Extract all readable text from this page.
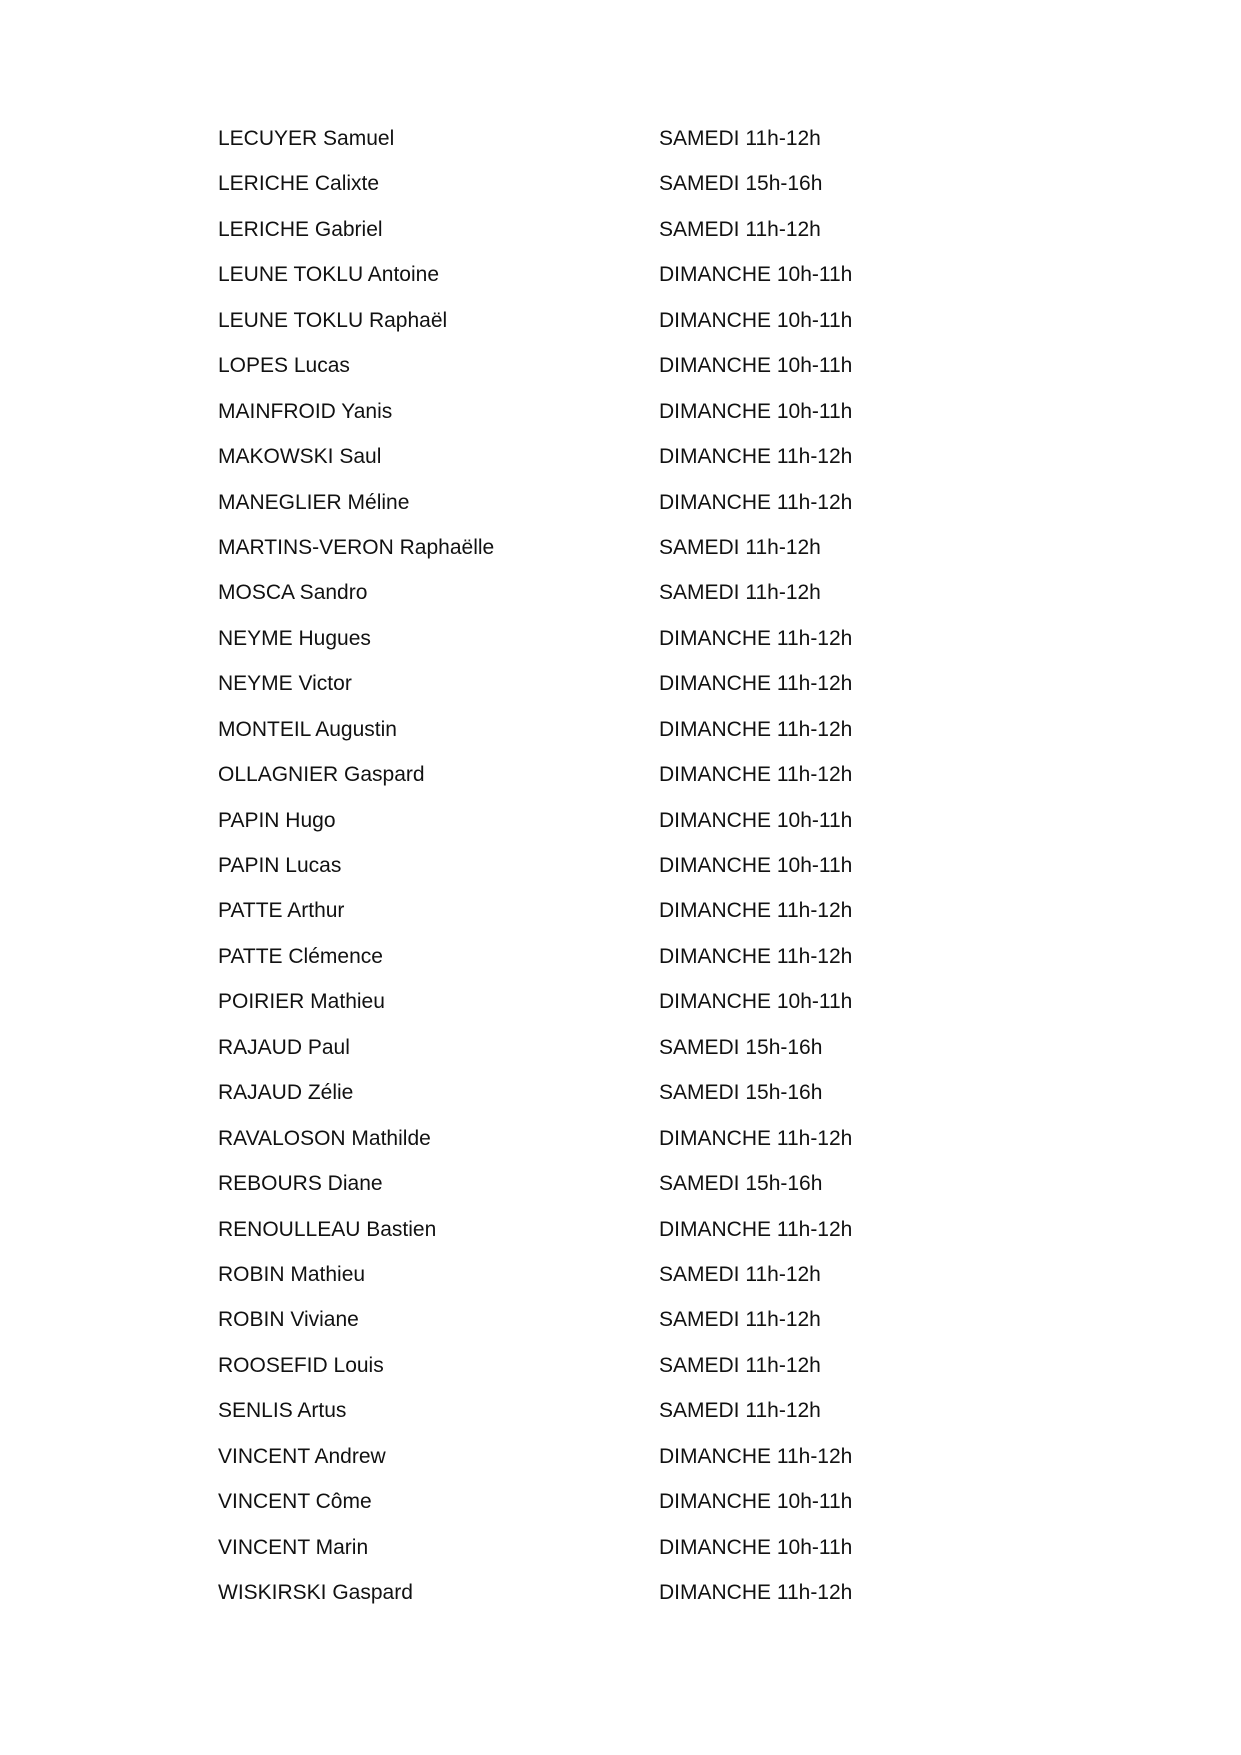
LECUYER Samuel	SAMEDI 11h-12h
LERICHE Calixte	SAMEDI 15h-16h
LERICHE Gabriel	SAMEDI 11h-12h
LEUNE TOKLU Antoine	DIMANCHE 10h-11h
LEUNE TOKLU Raphaël	DIMANCHE 10h-11h
LOPES Lucas	DIMANCHE 10h-11h
MAINFROID Yanis	DIMANCHE 10h-11h
MAKOWSKI Saul	DIMANCHE 11h-12h
MANEGLIER Méline	DIMANCHE 11h-12h
MARTINS-VERON Raphaëlle	SAMEDI 11h-12h
MOSCA Sandro	SAMEDI 11h-12h
NEYME Hugues	DIMANCHE 11h-12h
NEYME Victor	DIMANCHE 11h-12h
MONTEIL Augustin	DIMANCHE 11h-12h
OLLAGNIER Gaspard	DIMANCHE 11h-12h
PAPIN Hugo	DIMANCHE 10h-11h
PAPIN Lucas	DIMANCHE 10h-11h
PATTE Arthur	DIMANCHE 11h-12h
PATTE Clémence	DIMANCHE 11h-12h
POIRIER Mathieu	DIMANCHE 10h-11h
RAJAUD Paul	SAMEDI 15h-16h
RAJAUD Zélie	SAMEDI 15h-16h
RAVALOSON Mathilde	DIMANCHE 11h-12h
REBOURS Diane	SAMEDI 15h-16h
RENOULLEAU Bastien	DIMANCHE 11h-12h
ROBIN Mathieu	SAMEDI 11h-12h
ROBIN Viviane	SAMEDI 11h-12h
ROOSEFID Louis	SAMEDI 11h-12h
SENLIS Artus	SAMEDI 11h-12h
VINCENT Andrew	DIMANCHE 11h-12h
VINCENT Côme	DIMANCHE 10h-11h
VINCENT Marin	DIMANCHE 10h-11h
WISKIRSKI Gaspard	DIMANCHE 11h-12h
